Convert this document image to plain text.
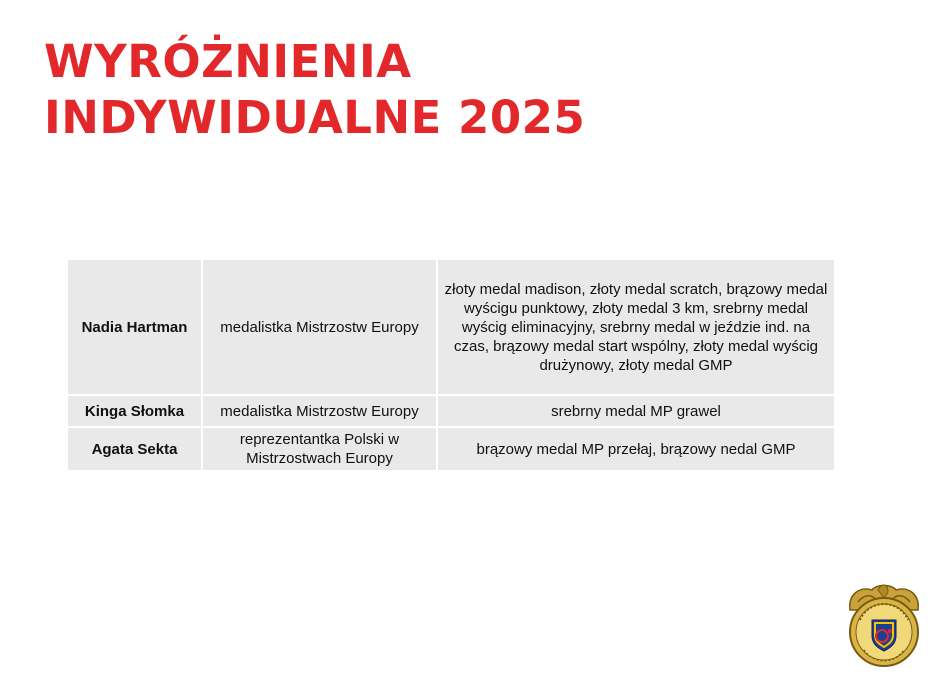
WYRÓŻNIENIA
INDYWIDUALNE 2025
Nadia Hartman	medalistka Mistrzostw Europy	złoty medal madison, złoty medal scratch, brązowy medal wyścigu punktowy, złoty medal 3 km, srebrny medal wyścig eliminacyjny, srebrny medal w jeździe ind. na czas, brązowy medal start wspólny, złoty medal wyścig drużynowy, złoty medal GMP
Kinga Słomka	medalistka Mistrzostw Europy	srebrny medal MP grawel
Agata Sekta	reprezentantka Polski w Mistrzostwach Europy	brązowy medal MP przełaj, brązowy nedal GMP
